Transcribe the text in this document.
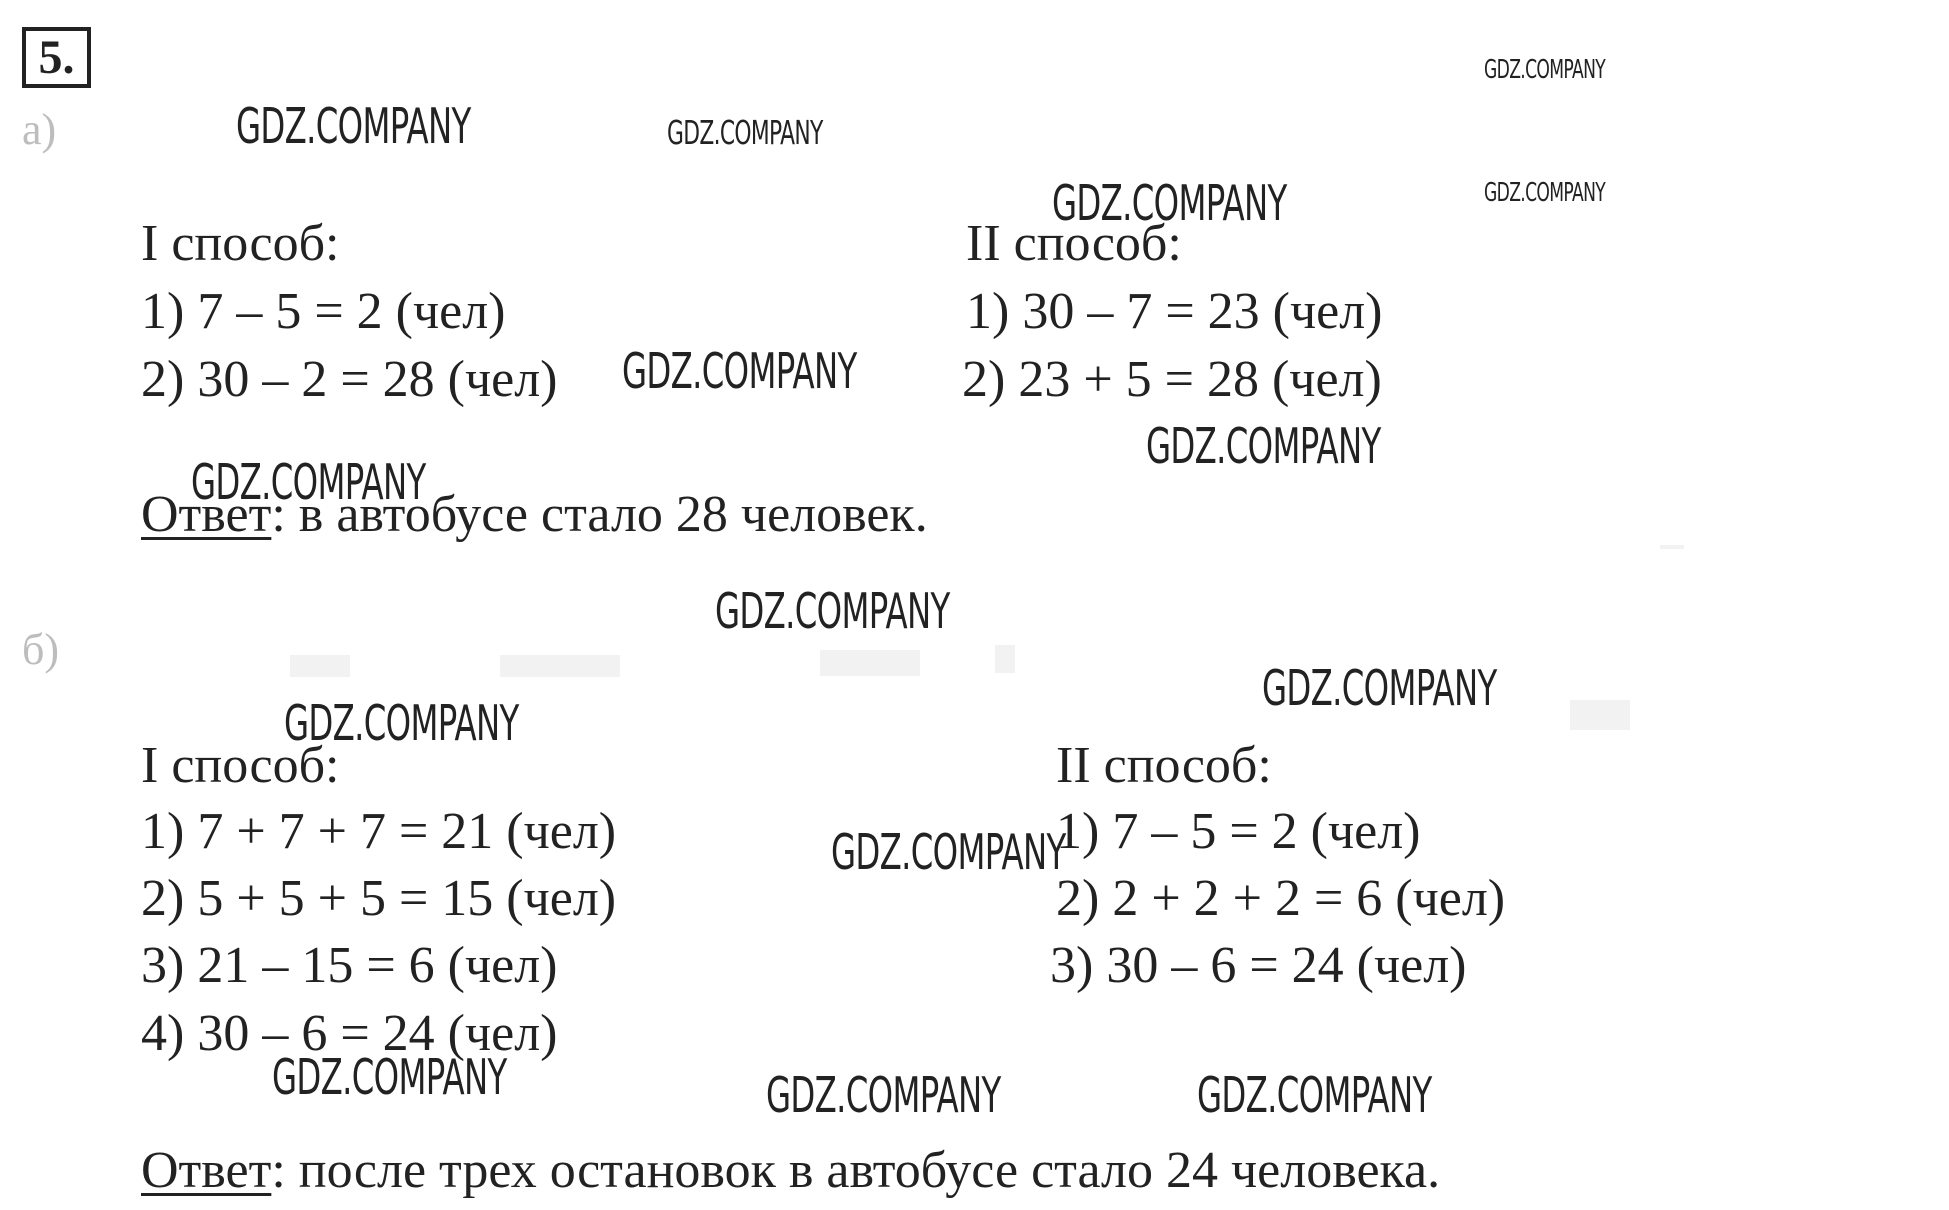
5.
а)
I способ:
1) 7 – 5 = 2 (чел)
2) 30 – 2 = 28 (чел)
II способ:
1) 30 – 7 = 23 (чел)
2) 23 + 5 = 28 (чел)
Ответ: в автобусе стало 28 человек.
б)
I способ:
1) 7 + 7 + 7 = 21 (чел)
2) 5 + 5 + 5 = 15 (чел)
3) 21 – 15 = 6 (чел)
4) 30 – 6 = 24 (чел)
II способ:
1) 7 – 5 = 2 (чел)
2) 2 + 2 + 2 = 6 (чел)
3) 30 – 6 = 24 (чел)
Ответ: после трех остановок в автобусе стало 24 человека.
GDZ.COMPANY	GDZ.COMPANY
GDZ.COMPANY
GDZ.COMPANY
GDZ.COMPANY
GDZ.COMPANY
GDZ.COMPANY
GDZ.COMPANY
GDZ.COMPANY
GDZ.COMPANY
GDZ.COMPANY
GDZ.COMPANY
GDZ.COMPANY	GDZ.COMPANY	GDZ.COMPANY
